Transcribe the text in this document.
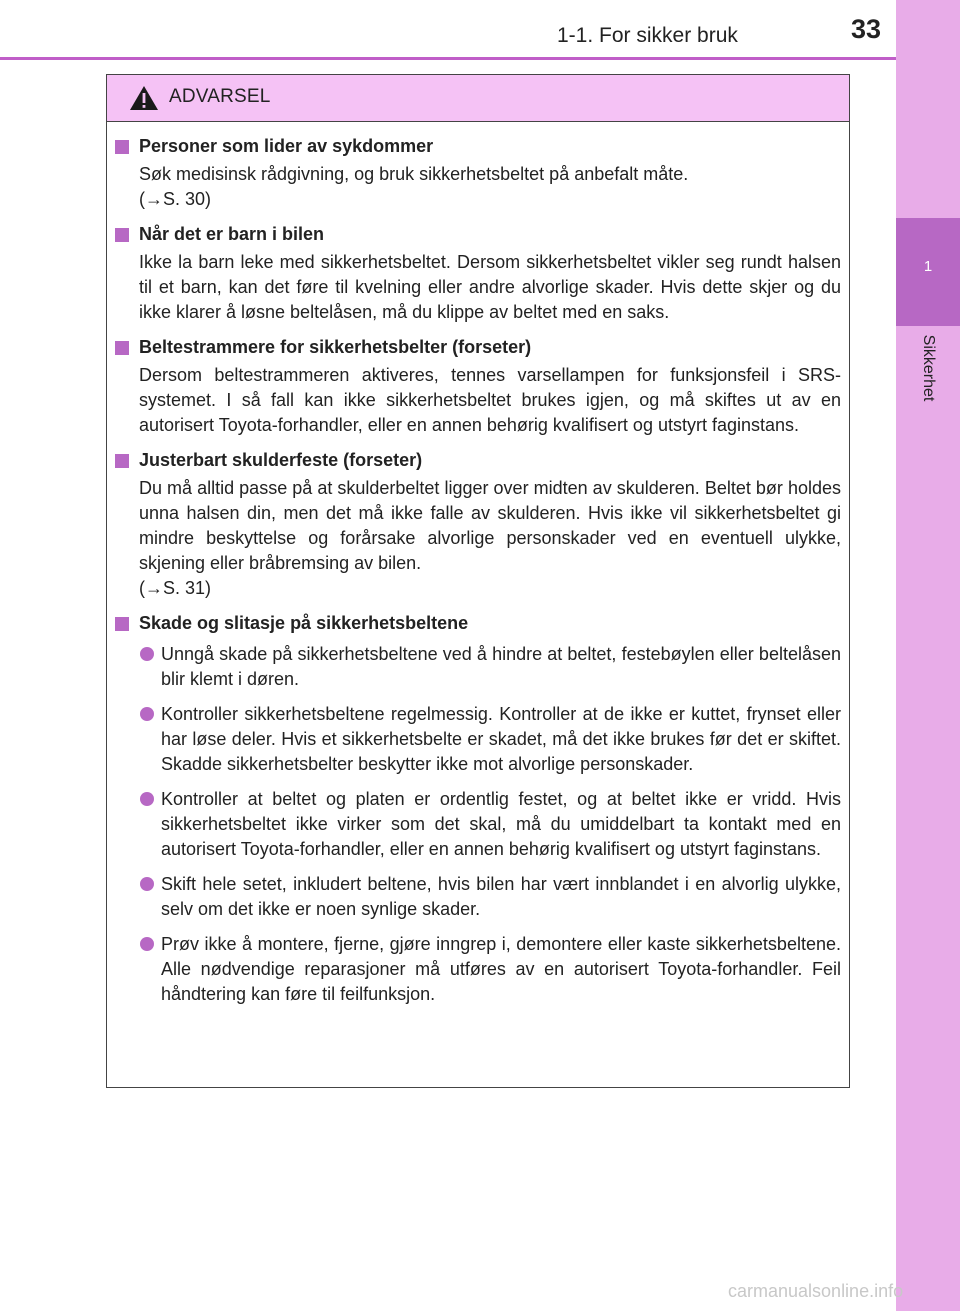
1-1. For sikker bruk	33
1
Sikkerhet
ADVARSEL
Personer som lider av sykdommer
Søk medisinsk rådgivning, og bruk sikkerhetsbeltet på anbefalt måte.
(→S. 30)
Når det er barn i bilen
Ikke la barn leke med sikkerhetsbeltet. Dersom sikkerhetsbeltet vikler seg rundt halsen til et barn, kan det føre til kvelning eller andre alvorlige skader. Hvis dette skjer og du ikke klarer å løsne beltelåsen, må du klippe av beltet med en saks.
Beltestrammere for sikkerhetsbelter (forseter)
Dersom beltestrammeren aktiveres, tennes varsellampen for funksjonsfeil i SRS-systemet. I så fall kan ikke sikkerhetsbeltet brukes igjen, og må skiftes ut av en autorisert Toyota-forhandler, eller en annen behørig kvalifisert og utstyrt faginstans.
Justerbart skulderfeste (forseter)
Du må alltid passe på at skulderbeltet ligger over midten av skulderen. Beltet bør holdes unna halsen din, men det må ikke falle av skulderen. Hvis ikke vil sikkerhetsbeltet gi mindre beskyttelse og forårsake alvorlige personskader ved en eventuell ulykke, skjening eller bråbremsing av bilen.
(→S. 31)
Skade og slitasje på sikkerhetsbeltene
Unngå skade på sikkerhetsbeltene ved å hindre at beltet, festebøylen eller beltelåsen blir klemt i døren.
Kontroller sikkerhetsbeltene regelmessig. Kontroller at de ikke er kuttet, frynset eller har løse deler. Hvis et sikkerhetsbelte er skadet, må det ikke brukes før det er skiftet. Skadde sikkerhetsbelter beskytter ikke mot alvorlige personskader.
Kontroller at beltet og platen er ordentlig festet, og at beltet ikke er vridd. Hvis sikkerhetsbeltet ikke virker som det skal, må du umiddelbart ta kontakt med en autorisert Toyota-forhandler, eller en annen behørig kvalifisert og utstyrt faginstans.
Skift hele setet, inkludert beltene, hvis bilen har vært innblandet i en alvorlig ulykke, selv om det ikke er noen synlige skader.
Prøv ikke å montere, fjerne, gjøre inngrep i, demontere eller kaste sikkerhetsbeltene. Alle nødvendige reparasjoner må utføres av en autorisert Toyota-forhandler. Feil håndtering kan føre til feilfunksjon.
carmanualsonline.info
